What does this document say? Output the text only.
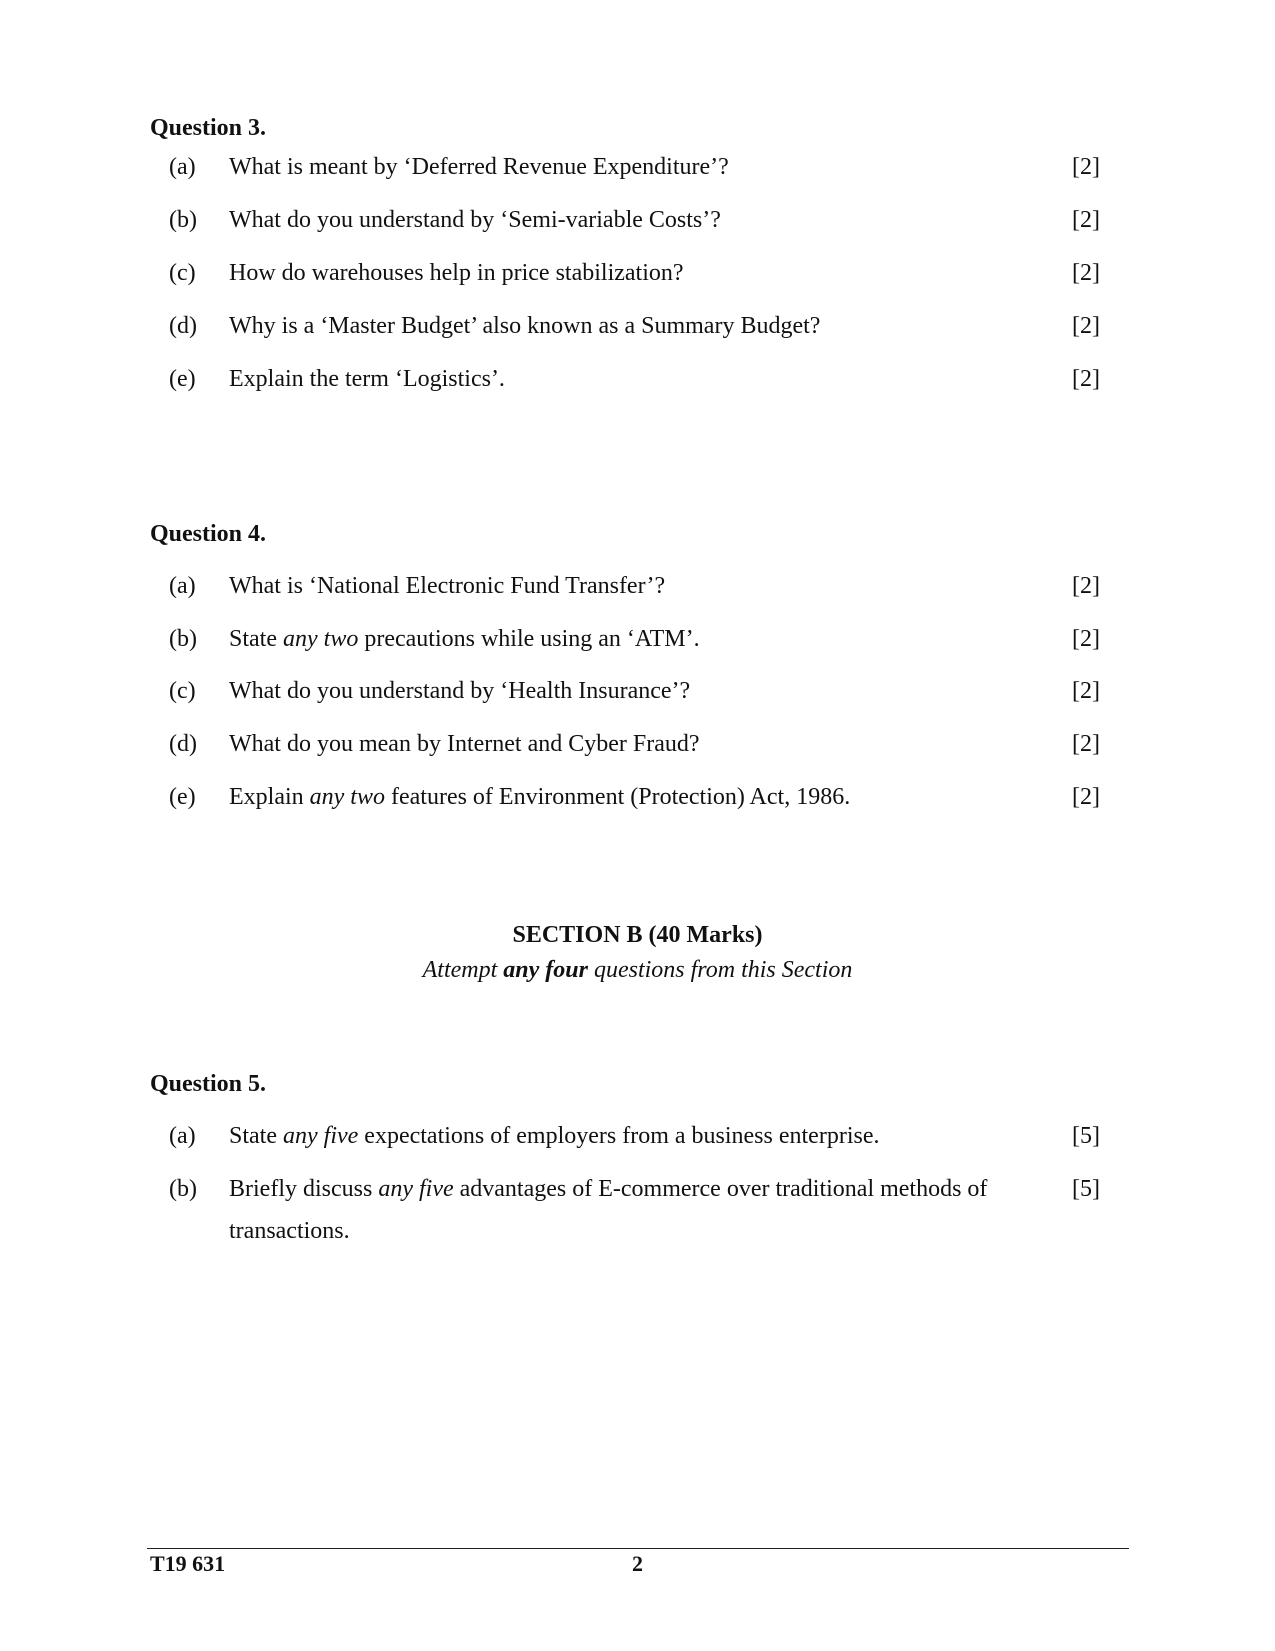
Question 3.
(a) What is meant by ‘Deferred Revenue Expenditure’?	[2]
(b) What do you understand by ‘Semi-variable Costs’?	[2]
(c) How do warehouses help in price stabilization?	[2]
(d) Why is a ‘Master Budget’ also known as a Summary Budget?	[2]
(e) Explain the term ‘Logistics’.	[2]
Question 4.
(a) What is ‘National Electronic Fund Transfer’?	[2]
(b) State any two precautions while using an ‘ATM’.	[2]
(c) What do you understand by ‘Health Insurance’?	[2]
(d) What do you mean by Internet and Cyber Fraud?	[2]
(e) Explain any two features of Environment (Protection) Act, 1986.	[2]
SECTION B (40 Marks)
Attempt any four questions from this Section
Question 5.
(a) State any five expectations of employers from a business enterprise.	[5]
(b) Briefly discuss any five advantages of E-commerce over traditional methods of transactions.
[5]
T19 631	2
